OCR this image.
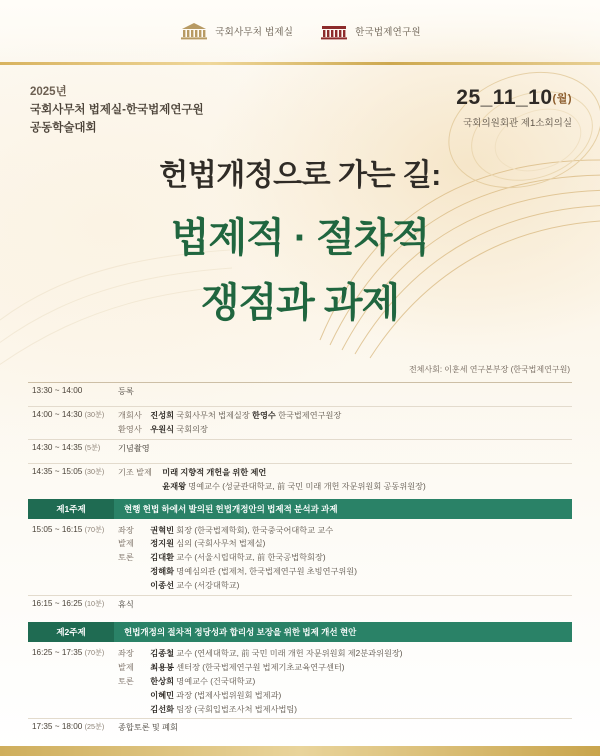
국회사무처 법제실	한국법제연구원
2025년
국회사무처 법제실-한국법제연구원
공동학술대회
25_11_10(월)
국회의원회관 제1소회의실
헌법개정으로 가는 길:
법제적 · 절차적
쟁점과 과제
전체사회: 이훈세 연구본부장 (한국법제연구원)
13:30 ~ 14:00	등록
14:00 ~ 14:30 (30분)	개회사 진성희 국회사무처 법제실장 한영수 한국법제연구원장
환영사 우원식 국회의장
14:30 ~ 14:35 (5분)	기념촬영
14:35 ~ 15:05 (30분)	기조 발제 미래 지향적 개헌을 위한 제언
윤재왕 명예교수 (성균관대학교, 前 국민 미래 개헌 자문위원회 공동위원장)
제1주제	현행 헌법 하에서 발의된 헌법개정안의 법제적 분석과 과제
15:05 ~ 16:15 (70분)	좌장 권혁빈 회장 (한국법제학회), 한국중국어대학교 교수
발제 정지원 심의 (국회사무처 법제실)
토론 김대환 교수 (서울시립대학교, 前 한국공법학회장)
정해화 명예심의관 (법제처, 한국법제연구원 초빙연구위원)
이종선 교수 (서강대학교)
16:15 ~ 16:25 (10분)	휴식
제2주제	헌법개정의 절차적 정당성과 합리성 보장을 위한 법제 개선 현안
16:25 ~ 17:35 (70분)	좌장 김종철 교수 (연세대학교, 前 국민 미래 개헌 자문위원회 제2분과위원장)
발제 최용봉 센터장 (한국법제연구원 법제기초교육연구센터)
토론 한상희 명예교수 (건국대학교)
이혜민 과장 (법제사법위원회 법제과)
김선화 팀장 (국회입법조사처 법제사법팀)
17:35 ~ 18:00 (25분)	종합토론 및 폐회
